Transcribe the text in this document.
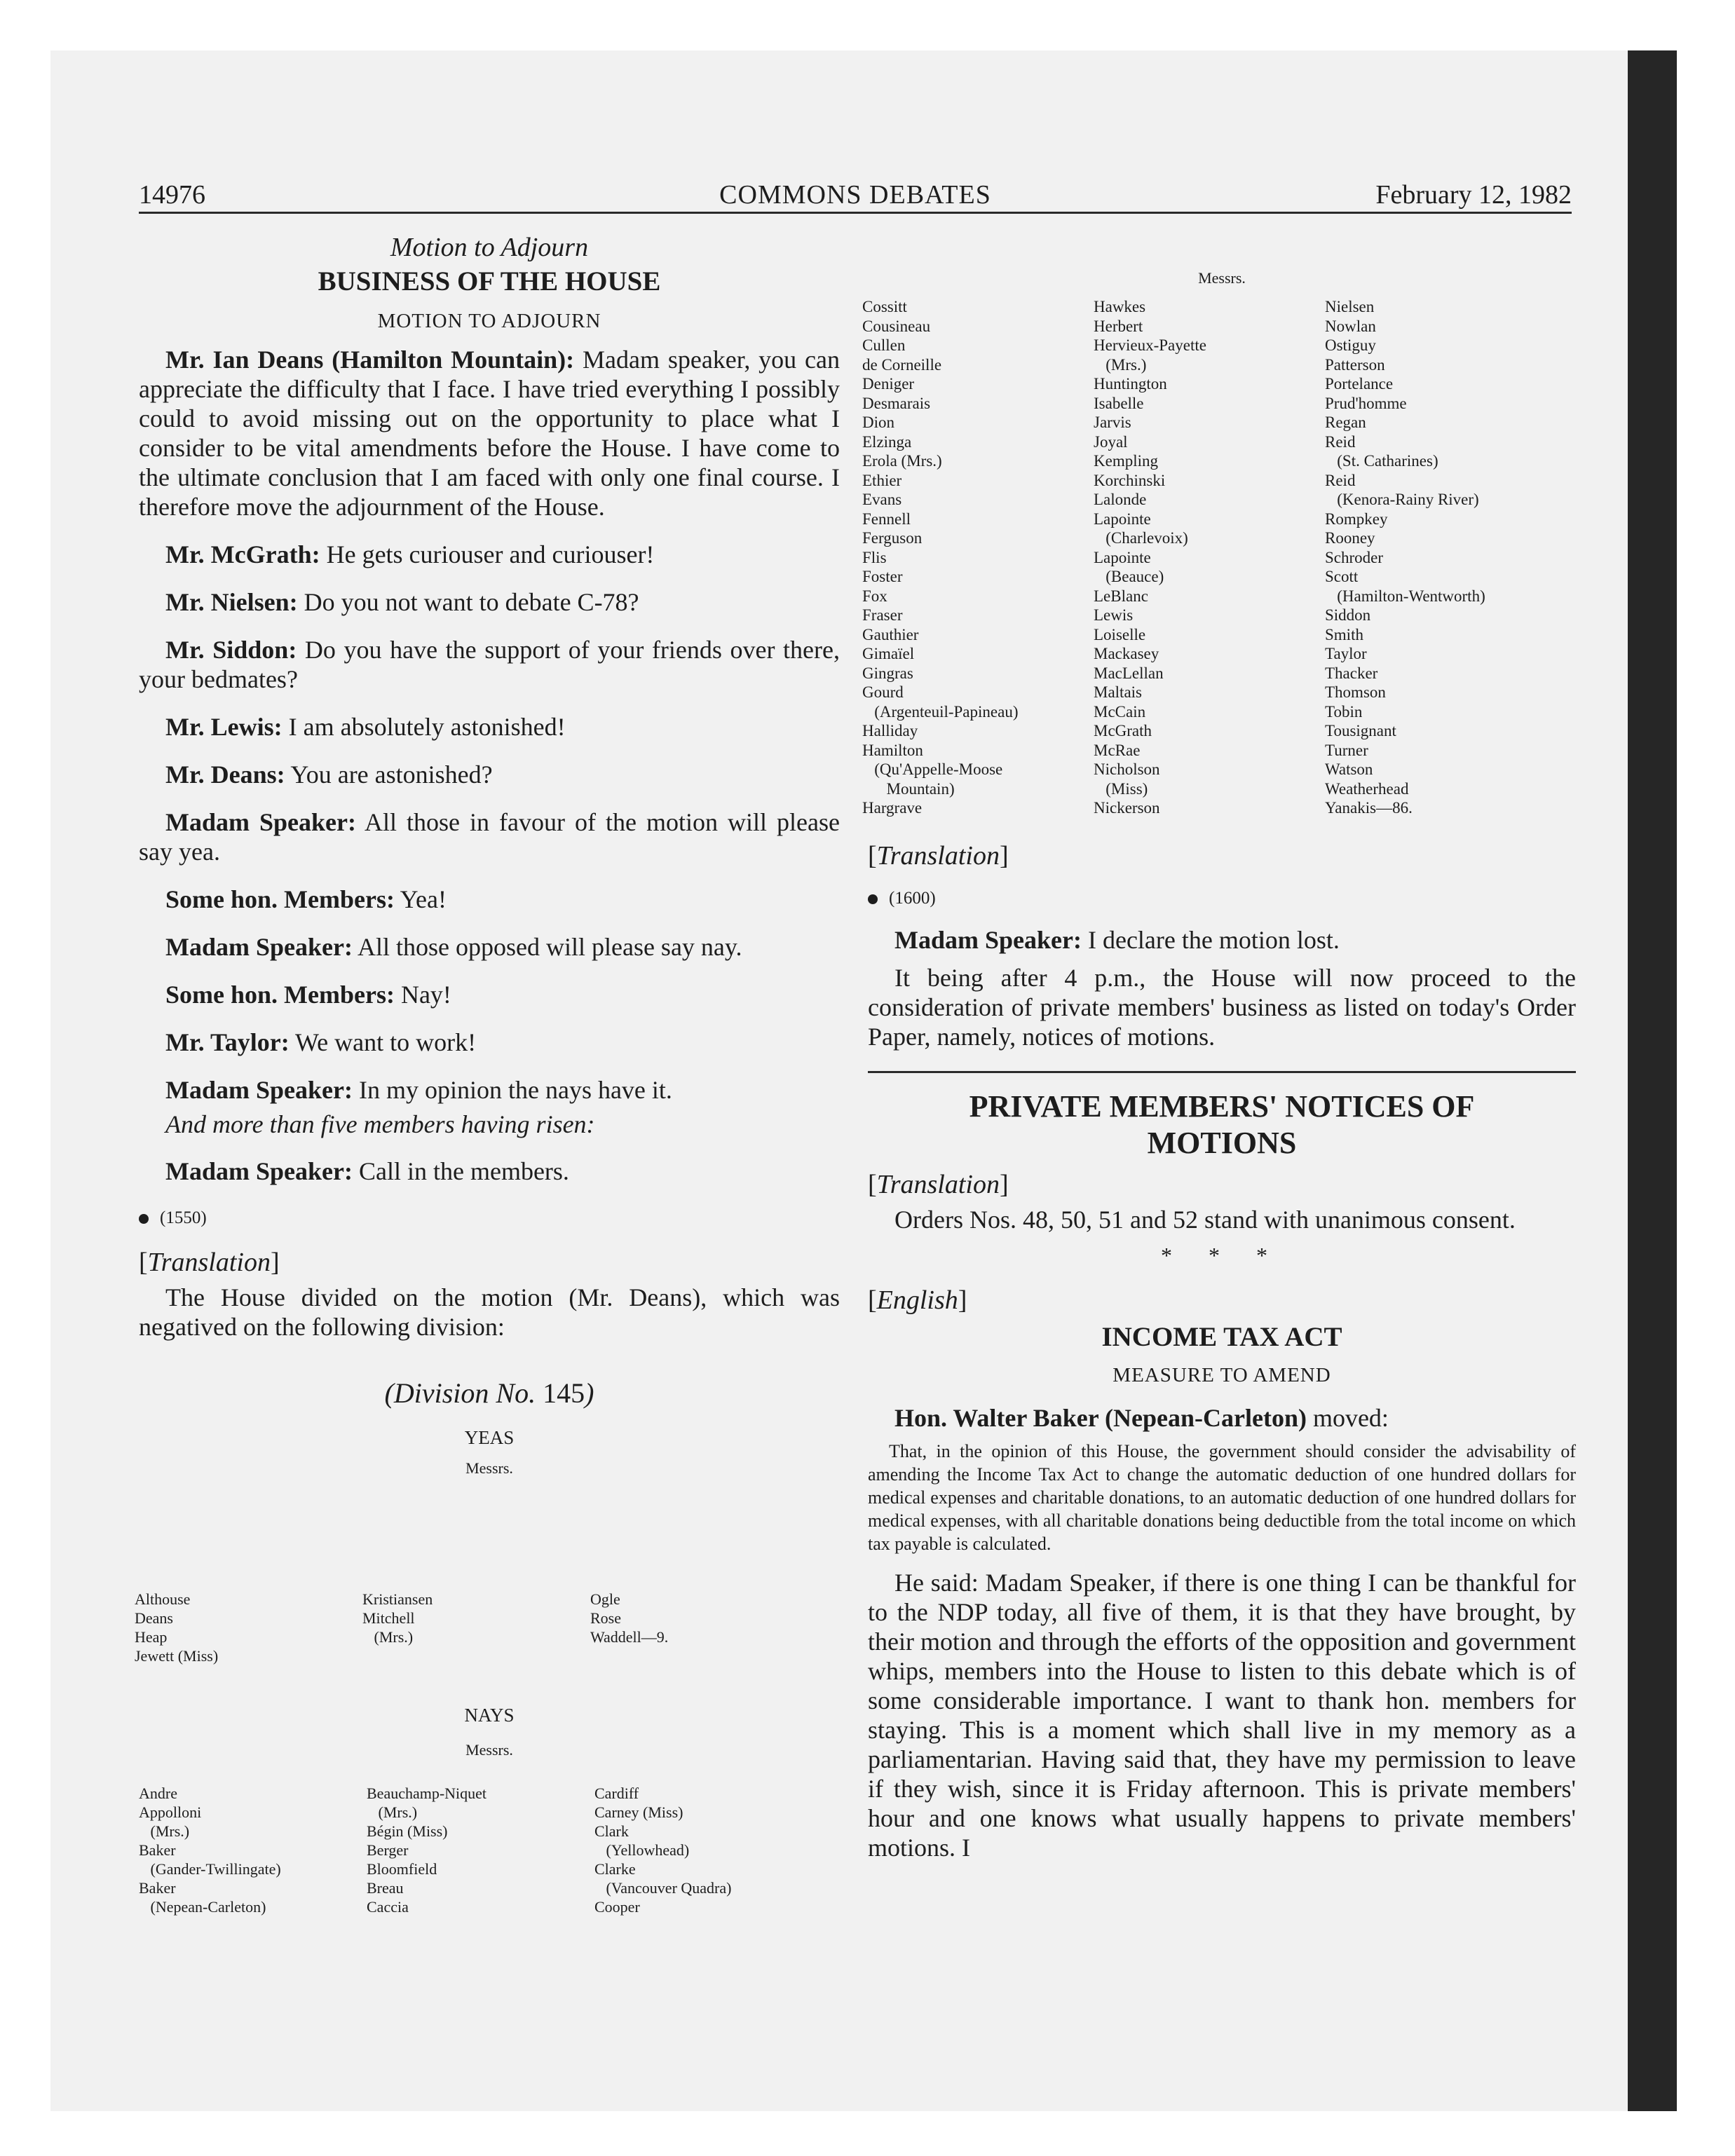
14976	COMMONS DEBATES	February 12, 1982
Motion to Adjourn
BUSINESS OF THE HOUSE
MOTION TO ADJOURN

Mr. Ian Deans (Hamilton Mountain): Madam speaker, you can appreciate the difficulty that I face. I have tried everything I possibly could to avoid missing out on the opportunity to place what I consider to be vital amendments before the House. I have come to the ultimate conclusion that I am faced with only one final course. I therefore move the adjournment of the House.

Mr. McGrath: He gets curiouser and curiouser!

Mr. Nielsen: Do you not want to debate C-78?

Mr. Siddon: Do you have the support of your friends over there, your bedmates?

Mr. Lewis: I am absolutely astonished!

Mr. Deans: You are astonished?

Madam Speaker: All those in favour of the motion will please say yea.

Some hon. Members: Yea!

Madam Speaker: All those opposed will please say nay.

Some hon. Members: Nay!

Mr. Taylor: We want to work!

Madam Speaker: In my opinion the nays have it.

And more than five members having risen:

Madam Speaker: Call in the members.

(1550)
[Translation]

The House divided on the motion (Mr. Deans), which was negatived on the following division:

(Division No. 145)
YEAS
Messrs.
Althouse
Deans
Heap
Jewett (Miss)
Kristiansen
Mitchell
(Mrs.)
Ogle
Rose
Waddell—9.
NAYS
Messrs.
Andre
Appolloni
(Mrs.)
Baker
(Gander-Twillingate)
Baker
(Nepean-Carleton)
Beauchamp-Niquet
(Mrs.)
Bégin (Miss)
Berger
Bloomfield
Breau
Caccia
Cardiff
Carney (Miss)
Clark
(Yellowhead)
Clarke
(Vancouver Quadra)
Cooper
Messrs.
Cossitt
Cousineau
Cullen
de Corneille
Deniger
Desmarais
Dion
Elzinga
Erola (Mrs.)
Ethier
Evans
Fennell
Ferguson
Flis
Foster
Fox
Fraser
Gauthier
Gimaïel
Gingras
Gourd
(Argenteuil-Papineau)
Halliday
Hamilton
(Qu'Appelle-Moose
Mountain)
Hargrave
Hawkes
Herbert
Hervieux-Payette
(Mrs.)
Huntington
Isabelle
Jarvis
Joyal
Kempling
Korchinski
Lalonde
Lapointe
(Charlevoix)
Lapointe
(Beauce)
LeBlanc
Lewis
Loiselle
Mackasey
MacLellan
Maltais
McCain
McGrath
McRae
Nicholson
(Miss)
Nickerson
Nielsen
Nowlan
Ostiguy
Patterson
Portelance
Prud'homme
Regan
Reid
(St. Catharines)
Reid
(Kenora-Rainy River)
Rompkey
Rooney
Schroder
Scott
(Hamilton-Wentworth)
Siddon
Smith
Taylor
Thacker
Thomson
Tobin
Tousignant
Turner
Watson
Weatherhead
Yanakis—86.
[Translation]
(1600)

Madam Speaker: I declare the motion lost.

It being after 4 p.m., the House will now proceed to the consideration of private members' business as listed on today's Order Paper, namely, notices of motions.

PRIVATE MEMBERS' NOTICES OF
MOTIONS
[Translation]

Orders Nos. 48, 50, 51 and 52 stand with unanimous consent.

* * *
[English]
INCOME TAX ACT
MEASURE TO AMEND

Hon. Walter Baker (Nepean-Carleton) moved:

That, in the opinion of this House, the government should consider the advisability of amending the Income Tax Act to change the automatic deduction of one hundred dollars for medical expenses and charitable donations, to an automatic deduction of one hundred dollars for medical expenses, with all charitable donations being deductible from the total income on which tax payable is calculated.

He said: Madam Speaker, if there is one thing I can be thankful for to the NDP today, all five of them, it is that they have brought, by their motion and through the efforts of the opposition and government whips, members into the House to listen to this debate which is of some considerable importance. I want to thank hon. members for staying. This is a moment which shall live in my memory as a parliamentarian. Having said that, they have my permission to leave if they wish, since it is Friday afternoon. This is private members' hour and one knows what usually happens to private members' motions. I
